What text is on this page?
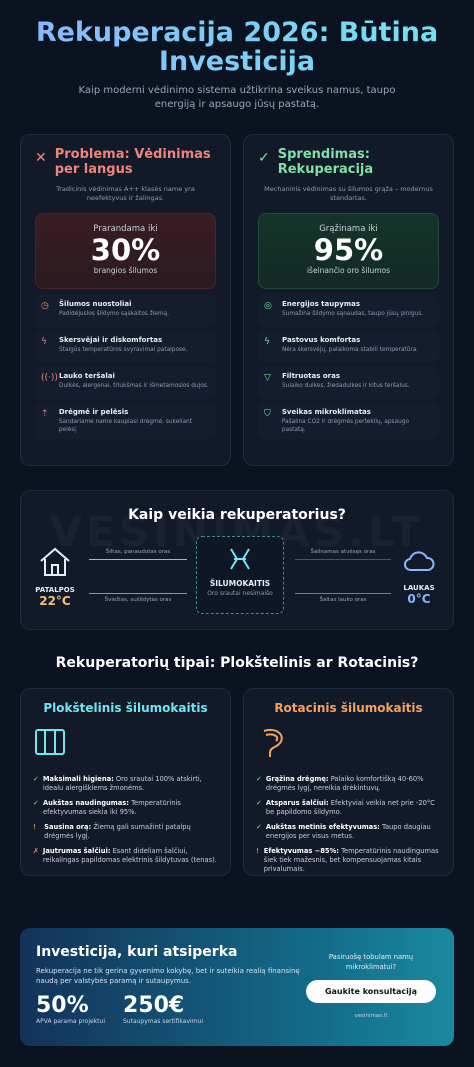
Rekuperacija 2026: Būtina Investicija

Kaip moderni vėdinimo sistema užtikrina sveikus namus, taupo energiją ir apsaugo jūsų pastatą.

✕ Problema: Vėdinimas per langus
Tradicinis vėdinimas A++ klasės name yra neefektyvus ir žalingas.
Prarandama iki
30%
brangios šilumos
◷	Šilumos nuostoliai
Padidėjusios šildymo sąskaitos žiemą.
ϟ	Skersvėjai ir diskomfortas
Staigūs temperatūros svyravimai patalpose.
((·)) Lauko teršalai
Dulkės, alergenai, triukšmas ir išmetamosios dujos.
⇡	Drėgmė ir pelėsis
Sandariame name kaupiasi drėgmė, sukeliant pelėsį.
✓ Sprendimas: Rekuperacija
Mechaninis vėdinimas su šilumos grąža – modernus standartas.
Grąžinama iki
95%
išeinančio oro šilumos
◎	Energijos taupymas
Sumažina šildymo sąnaudas, taupo jūsų pinigus.
ϟ	Pastovus komfortas
Nėra skersvėjų, palaikoma stabili temperatūra.
▽	Filtruotas oras
Sulaiko dulkes, žiedadulkes ir kitus teršalus.
⛉	Sveikas mikroklimatas
Pašalina CO2 ir drėgmės perteklių, apsaugo pastatą.
Kaip veikia rekuperatorius?
PATALPOS
22°C
Šiltas, panaudotas oras
Šviežias, sušildytas oras
ŠILUMOKAITIS
Oro srautai nesimaišo
Šalinamas atvėsęs oras
Šaltas lauko oras
LAUKAS
0°C
Rekuperatorių tipai: Plokštelinis ar Rotacinis?
Plokštelinis šilumokaitis
✓ Maksimali higiena: Oro srautai 100% atskirti, idealu alergiškiems žmonėms.
✓ Aukštas naudingumas: Temperatūrinis efektyvumas siekia iki 95%.
!	Sausina orą: Žiemą gali sumažinti patalpų drėgmės lygį.
✗ Jautrumas šalčiui: Esant dideliam šalčiui, reikalingas papildomas elektrinis šildytuvas (tenas).
Rotacinis šilumokaitis
✓ Grąžina drėgmę: Palaiko komfortišką 40-60% drėgmės lygį, nereikia drėkintuvų.
✓ Atsparus šalčiui: Efektyviai veikia net prie -20°C be papildomo šildymo.
✓ Aukštas metinis efektyvumas: Taupo daugiau energijos per visus metus.
! Efektyvumas ~85%: Temperatūrinis naudingumas šiek tiek mažesnis, bet kompensuojamas kitais privalumais.
Investicija, kuri atsiperka

Rekuperacija ne tik gerina gyvenimo kokybę, bet ir suteikia realią finansinę naudą per valstybės paramą ir sutaupymus.

50%
APVA parama projektui
250€
Sutaupymas sertifikavimui
Pasiruošę tobulam namų mikroklimatui?
Gaukite konsultaciją
vesinimas.lt
